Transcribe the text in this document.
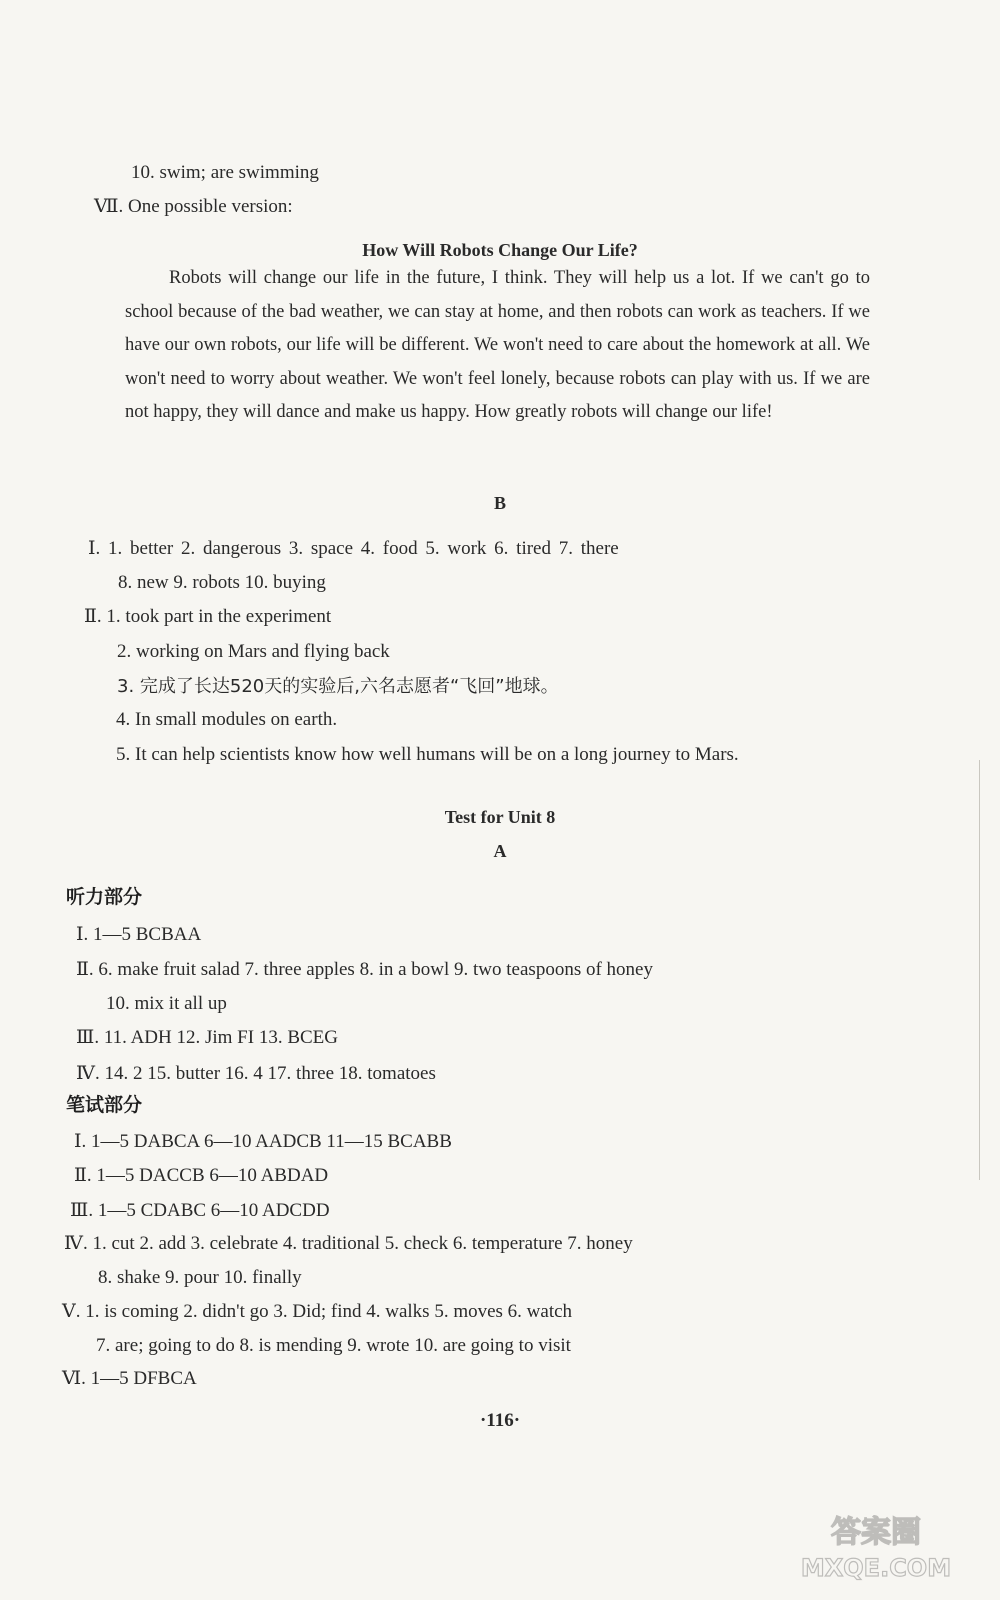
10. swim; are swimming
Ⅶ. One possible version:
How Will Robots Change Our Life?

Robots will change our life in the future, I think. They will help us a lot. If we can't go to school because of the bad weather, we can stay at home, and then robots can work as teachers. If we have our own robots, our life will be different. We won't need to care about the homework at all. We won't need to worry about weather. We won't feel lonely, because robots can play with us. If we are not happy, they will dance and make us happy. How greatly robots will change our life!

B
Ⅰ. 1. better 2. dangerous 3. space 4. food 5. work 6. tired 7. there
8. new 9. robots 10. buying
Ⅱ. 1. took part in the experiment
2. working on Mars and flying back
3. 完成了长达520天的实验后,六名志愿者“飞回”地球。
4. In small modules on earth.
5. It can help scientists know how well humans will be on a long journey to Mars.
Test for Unit 8
A
听力部分
Ⅰ. 1—5 BCBAA
Ⅱ. 6. make fruit salad 7. three apples 8. in a bowl 9. two teaspoons of honey
10. mix it all up
Ⅲ. 11. ADH 12. Jim FI 13. BCEG
Ⅳ. 14. 2 15. butter 16. 4 17. three 18. tomatoes
笔试部分
Ⅰ. 1—5 DABCA 6—10 AADCB 11—15 BCABB
Ⅱ. 1—5 DACCB 6—10 ABDAD
Ⅲ. 1—5 CDABC 6—10 ADCDD
Ⅳ. 1. cut 2. add 3. celebrate 4. traditional 5. check 6. temperature 7. honey
8. shake 9. pour 10. finally
Ⅴ. 1. is coming 2. didn't go 3. Did; find 4. walks 5. moves 6. watch
7. are; going to do 8. is mending 9. wrote 10. are going to visit
Ⅵ. 1—5 DFBCA
·116·
答案圈
MXQE.COM
